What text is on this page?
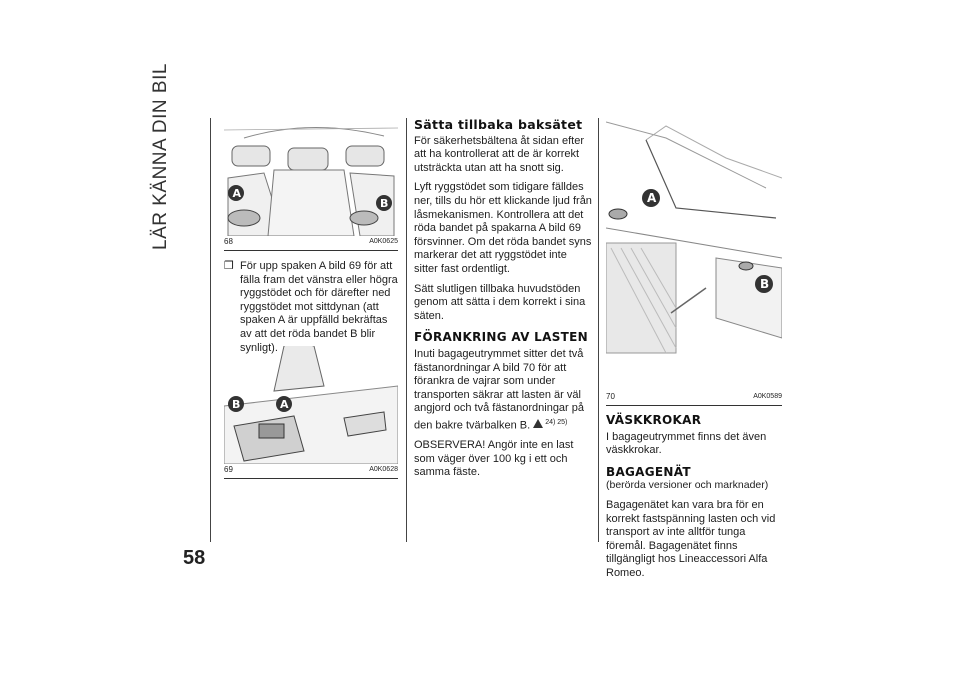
LÄR KÄNNA DIN BIL
58
A
B
68	A0K0625
❒ För upp spaken A bild 69 för att fälla fram det vänstra eller högra ryggstödet och för därefter ned ryggstödet mot sittdynan (att spaken A är uppfälld bekräftas av att det röda bandet B blir synligt).
B	A
69	A0K0628
Sätta tillbaka baksätet

För säkerhetsbältena åt sidan efter att ha kontrollerat att de är korrekt utsträckta utan att ha snott sig.

Lyft ryggstödet som tidigare fälldes ner, tills du hör ett klickande ljud från låsmekanismen. Kontrollera att det röda bandet på spakarna A bild 69 försvinner. Om det röda bandet syns markerar det att ryggstödet inte sitter fast ordentligt.

Sätt slutligen tillbaka huvudstöden genom att sätta i dem korrekt i sina säten.

FÖRANKRING AV LASTEN

Inuti bagageutrymmet sitter det två fästanordningar A bild 70 för att förankra de vajrar som under transporten säkrar att lasten är väl angjord och två fästanordningar på den bakre tvärbalken B. $^{24) 25)}$

OBSERVERA! Angör inte en last som väger över 100 kg i ett och samma fäste.

A
B
70	A0K0589
VÄSKKROKAR

I bagageutrymmet finns det även väskkrokar.

BAGAGENÄT
(berörda versioner och marknader)

Bagagenätet kan vara bra för en korrekt fastspänning lasten och vid transport av inte alltför tunga föremål. Bagagenätet finns tillgängligt hos Lineaccessori Alfa Romeo.
